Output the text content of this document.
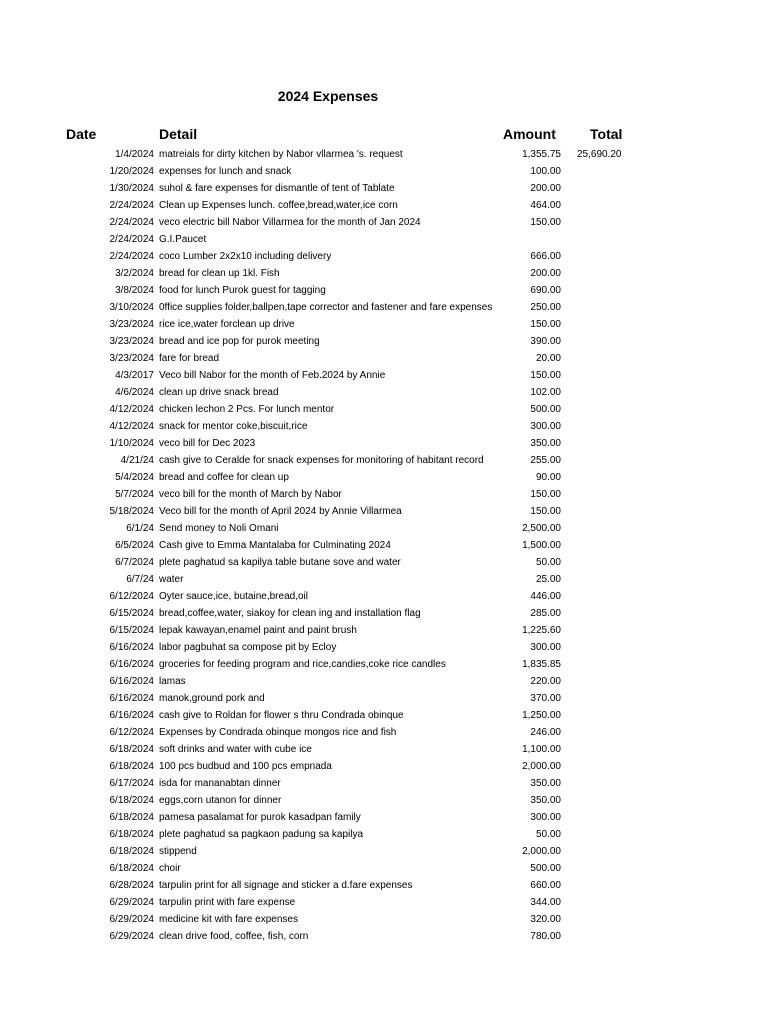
2024 Expenses
Date	Detail	Amount Total
1/4/2024 matreials for dirty kitchen by Nabor vllarmea 's. request	1,355.75 25,690.20
1/20/2024 expenses for lunch and snack	100.00
1/30/2024 suhol & fare expenses for dismantle of tent of Tablate	200.00
2/24/2024 Clean up Expenses lunch. coffee,bread,water,ice corn	464.00
2/24/2024 veco electric bill Nabor Villarmea for the month of Jan 2024	150.00
2/24/2024 G.I.Paucet
2/24/2024 coco Lumber 2x2x10 including delivery	666.00
3/2/2024 bread for clean up 1kl. Fish	200.00
3/8/2024 food for lunch Purok guest for tagging	690.00
3/10/2024 0ffice supplies folder,ballpen,tape corrector and fastener and fare expenses	250.00
3/23/2024 rice ice,water forclean up drive	150.00
3/23/2024 bread and ice pop for purok meeting	390.00
3/23/2024 fare for bread	20.00
4/3/2017 Veco bill Nabor for the month of Feb.2024 by Annie	150.00
4/6/2024 clean up drive snack bread	102.00
4/12/2024 chicken lechon 2 Pcs. For lunch mentor	500.00
4/12/2024 snack for mentor coke,biscuit,rice	300.00
1/10/2024 veco bill for Dec 2023	350.00
4/21/24 cash give to Ceralde for snack expenses for monitoring of habitant record	255.00
5/4/2024 bread and coffee for clean up	90.00
5/7/2024 veco bill for the month of March by Nabor	150.00
5/18/2024 Veco bill for the month of April 2024 by Annie Villarmea	150.00
6/1/24 Send money to Noli Omani	2,500.00
6/5/2024 Cash give to Emma Mantalaba for Culminating 2024	1,500.00
6/7/2024 plete paghatud sa kapilya table butane sove and water	50.00
6/7/24 water	25.00
6/12/2024 Oyter sauce,ice, butaine,bread,oil	446.00
6/15/2024 bread,coffee,water, siakoy for clean ing and installation flag	285.00
6/15/2024 lepak kawayan,enamel paint and paint brush	1,225.60
6/16/2024 labor pagbuhat sa compose pit by Ecloy	300.00
6/16/2024 groceries for feeding program and rice,candies,coke rice candles	1,835.85
6/16/2024 lamas	220.00
6/16/2024 manok,ground pork and	370.00
6/16/2024 cash give to Roldan for flower s thru Condrada obinque	1,250.00
6/12/2024 Expenses by Condrada obinque mongos rice and fish	246.00
6/18/2024 soft drinks and water with cube ice	1,100.00
6/18/2024 100 pcs budbud and 100 pcs empnada	2,000.00
6/17/2024 isda for mananabtan dinner	350.00
6/18/2024 eggs,corn utanon for dinner	350.00
6/18/2024 pamesa pasalamat for purok kasadpan family	300.00
6/18/2024 plete paghatud sa pagkaon padung sa kapilya	50.00
6/18/2024 stippend	2,000.00
6/18/2024 choir	500.00
6/28/2024 tarpulin print for all signage and sticker a d.fare expenses	660.00
6/29/2024 tarpulin print with fare expense	344.00
6/29/2024 medicine kit with fare expenses	320.00
6/29/2024 clean drive food, coffee, fish, corn	780.00
